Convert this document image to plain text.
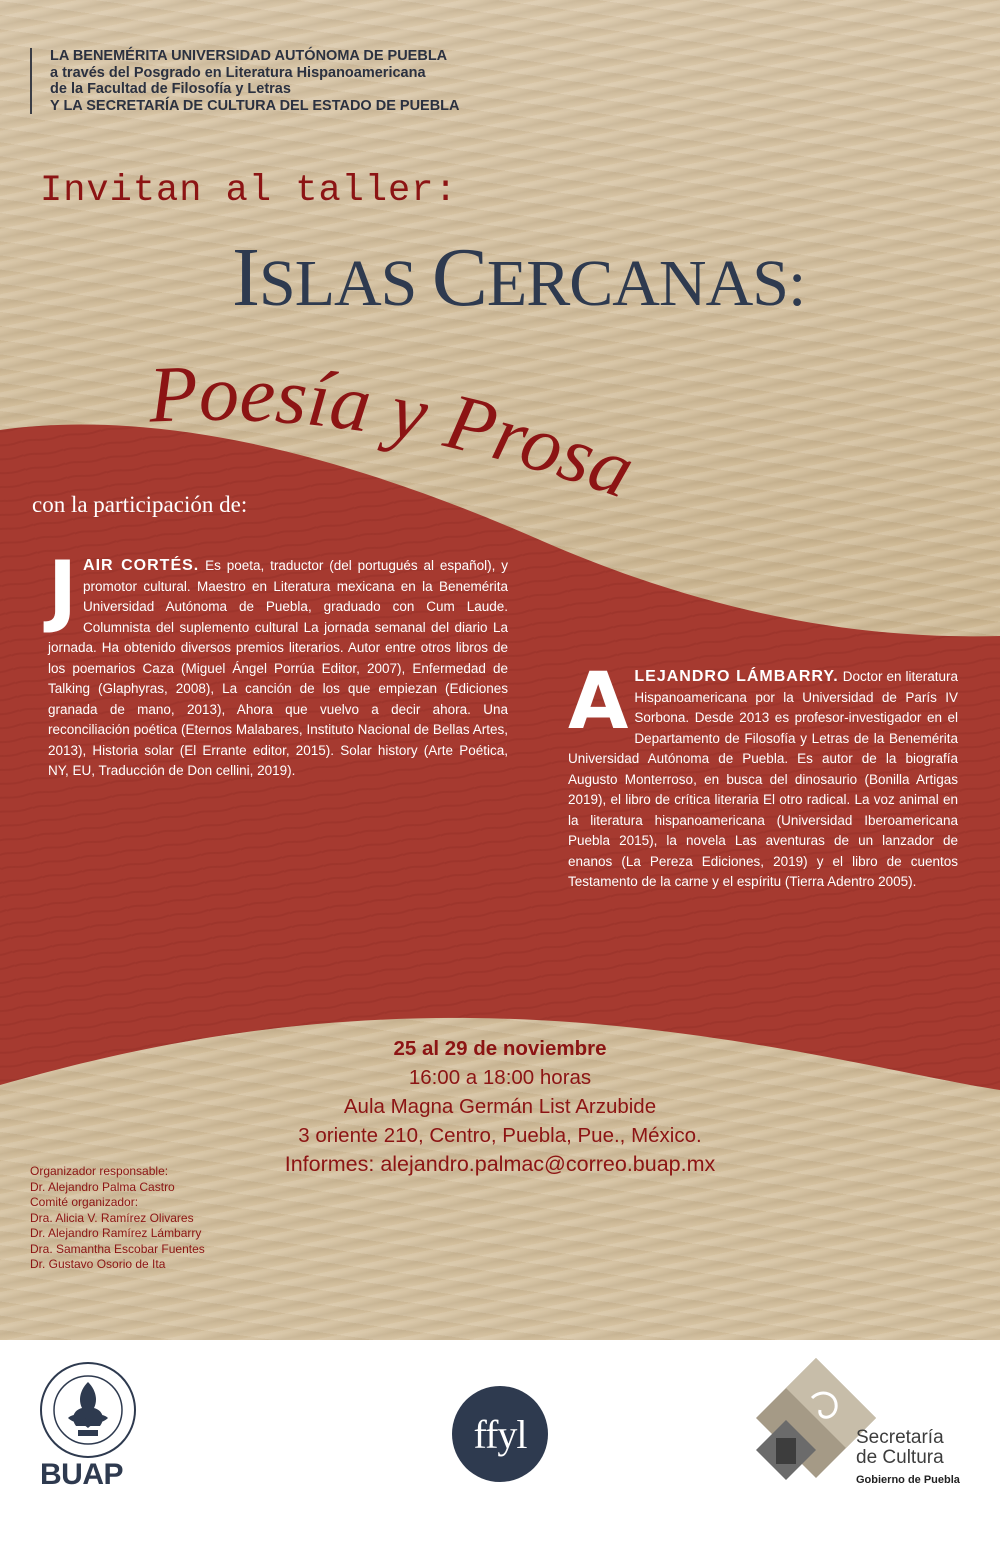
LA BENEMÉRITA UNIVERSIDAD AUTÓNOMA DE PUEBLA
a través del Posgrado en Literatura Hispanoamericana
de la Facultad de Filosofía y Letras
Y LA SECRETARÍA DE CULTURA DEL ESTADO DE PUEBLA
Invitan al taller:
ISLAS CERCANAS:
Poesía y Prosa
con la participación de:
J AIR CORTÉS. Es poeta, traductor (del portugués al español), y promotor cultural. Maestro en Literatura mexicana en la Benemérita Universidad Autónoma de Puebla, graduado con Cum Laude. Columnista del suplemento cultural La jornada semanal del diario La jornada. Ha obtenido diversos premios literarios. Autor entre otros libros de los poemarios Caza (Miguel Ángel Porrúa Editor, 2007), Enfermedad de Talking (Glaphyras, 2008), La canción de los que empiezan (Ediciones granada de mano, 2013), Ahora que vuelvo a decir ahora. Una reconciliación poética (Eternos Malabares, Instituto Nacional de Bellas Artes, 2013), Historia solar (El Errante editor, 2015). Solar history (Arte Poética, NY, EU, Traducción de Don cellini, 2019).
A LEJANDRO LÁMBARRY. Doctor en literatura Hispanoamericana por la Universidad de París IV Sorbona. Desde 2013 es profesor-investigador en el Departamento de Filosofía y Letras de la Benemérita Universidad Autónoma de Puebla. Es autor de la biografía Augusto Monterroso, en busca del dinosaurio (Bonilla Artigas 2019), el libro de crítica literaria El otro radical. La voz animal en la literatura hispanoamericana (Universidad Iberoamericana Puebla 2015), la novela Las aventuras de un lanzador de enanos (La Pereza Ediciones, 2019) y el libro de cuentos Testamento de la carne y el espíritu (Tierra Adentro 2005).
25 al 29 de noviembre
16:00 a 18:00 horas
Aula Magna Germán List Arzubide
3 oriente 210, Centro, Puebla, Pue., México.
Informes: alejandro.palmac@correo.buap.mx
Organizador responsable:
Dr. Alejandro Palma Castro
Comité organizador:
Dra. Alicia V. Ramírez Olivares
Dr. Alejandro Ramírez Lámbarry
Dra. Samantha Escobar Fuentes
Dr. Gustavo Osorio de Ita
BUAP
ffyl	Secretaría
de Cultura
Gobierno de Puebla
